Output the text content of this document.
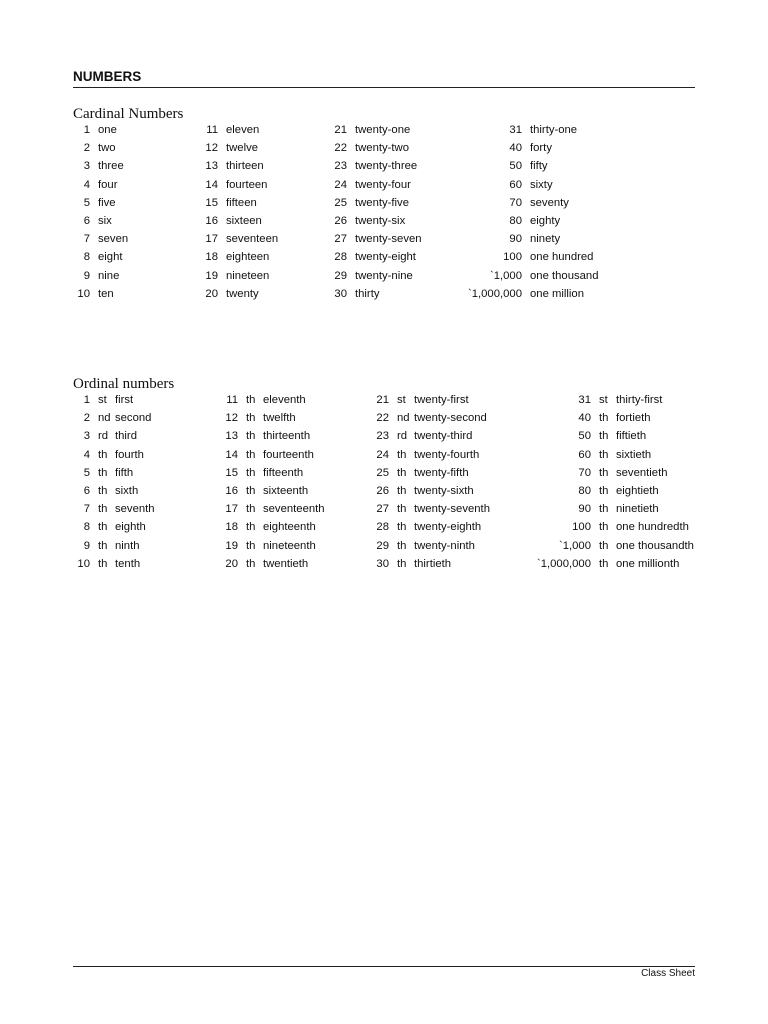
NUMBERS
Cardinal Numbers
1	one	11	eleven	21	twenty-one	31	thirty-one
2	two	12	twelve	22	twenty-two	40	forty
3	three	13	thirteen	23	twenty-three	50	fifty
4	four	14	fourteen	24	twenty-four	60	sixty
5	five	15	fifteen	25	twenty-five	70	seventy
6	six	16	sixteen	26	twenty-six	80	eighty
7	seven	17	seventeen	27	twenty-seven	90	ninety
8	eight	18	eighteen	28	twenty-eight	100	one hundred
9	nine	19	nineteen	29	twenty-nine	`1,000	one thousand
10	ten	20	twenty	30	thirty	`1,000,000	one million
Ordinal numbers
1	st	first	11	th	eleventh	21	st	twenty-first	31	st	thirty-first
2	nd	second	12	th	twelfth	22	nd	twenty-second	40	th	fortieth
3	rd	third	13	th	thirteenth	23	rd	twenty-third	50	th	fiftieth
4	th	fourth	14	th	fourteenth	24	th	twenty-fourth	60	th	sixtieth
5	th	fifth	15	th	fifteenth	25	th	twenty-fifth	70	th	seventieth
6	th	sixth	16	th	sixteenth	26	th	twenty-sixth	80	th	eightieth
7	th	seventh	17	th	seventeenth	27	th	twenty-seventh	90	th	ninetieth
8	th	eighth	18	th	eighteenth	28	th	twenty-eighth	100	th	one hundredth
9	th	ninth	19	th	nineteenth	29	th	twenty-ninth	`1,000	th	one thousandth
10	th	tenth	20	th	twentieth	30	th	thirtieth	`1,000,000	th	one millionth
Class Sheet
